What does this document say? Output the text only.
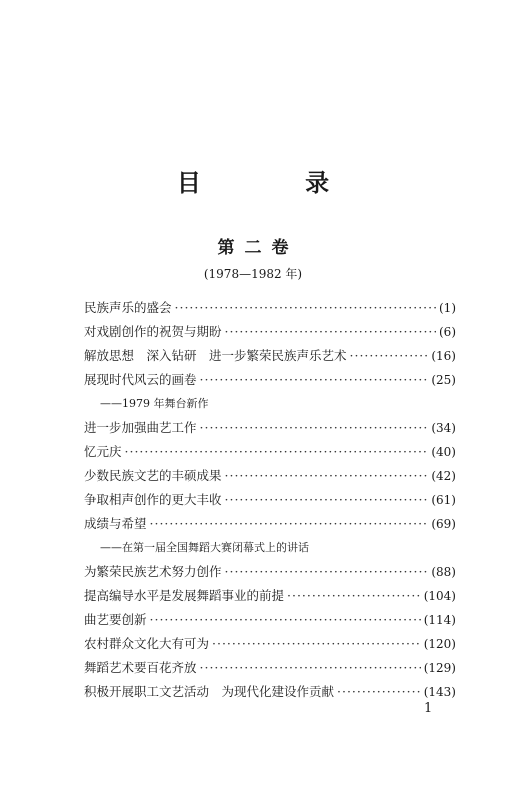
目 录
第二卷
(1978—1982 年)
民族声乐的盛会 ·····	(1)
对戏剧创作的祝贺与期盼 ·····	(6)
解放思想　深入钻研　进一步繁荣民族声乐艺术 ·····	(16)
展现时代风云的画卷 ·····	(25)
——1979 年舞台新作
进一步加强曲艺工作 ·····	(34)
忆元庆 ·····	(40)
少数民族文艺的丰硕成果 ·····	(42)
争取相声创作的更大丰收 ·····	(61)
成绩与希望 ·····	(69)
——在第一届全国舞蹈大赛闭幕式上的讲话
为繁荣民族艺术努力创作 ·····	(88)
提高编导水平是发展舞蹈事业的前提 ·····	(104)
曲艺要创新 ·····	(114)
农村群众文化大有可为 ·····	(120)
舞蹈艺术要百花齐放 ·····	(129)
积极开展职工文艺活动　为现代化建设作贡献 ·····	(143)
1
